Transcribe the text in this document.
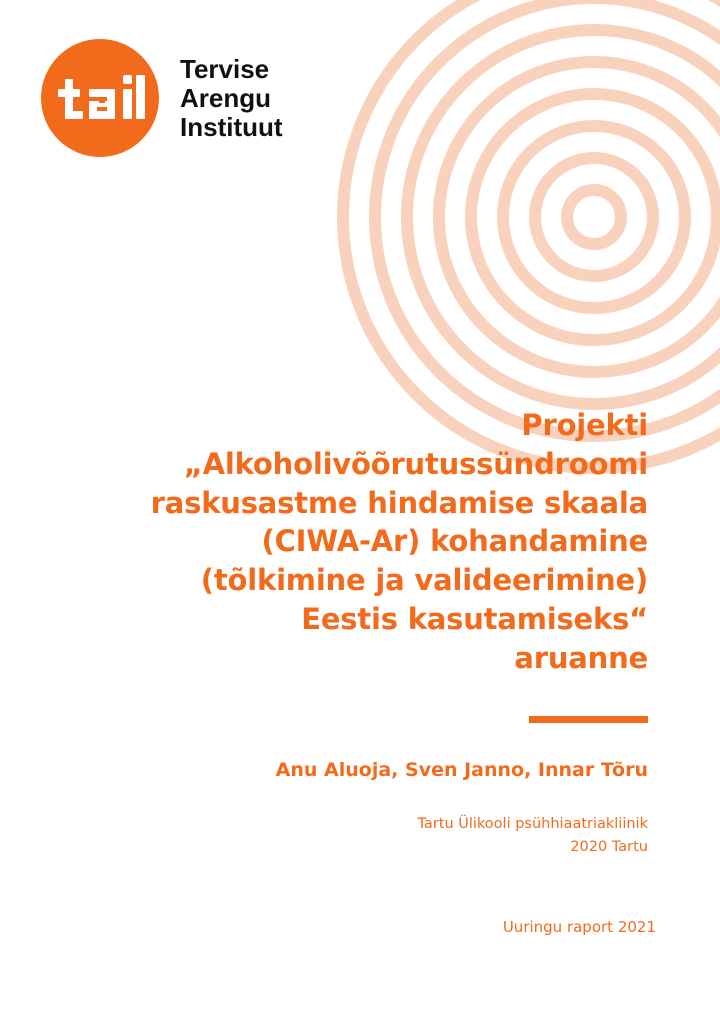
Tervise
Arengu
Instituut
Projekti
„Alkoholivõõrutussündroomi
raskusastme hindamise skaala
(CIWA-Ar) kohandamine
(tõlkimine ja valideerimine)
Eestis kasutamiseks“
aruanne
Anu Aluoja, Sven Janno, Innar Tõru
Tartu Ülikooli psühhiaatriakliinik
2020 Tartu
Uuringu raport 2021
